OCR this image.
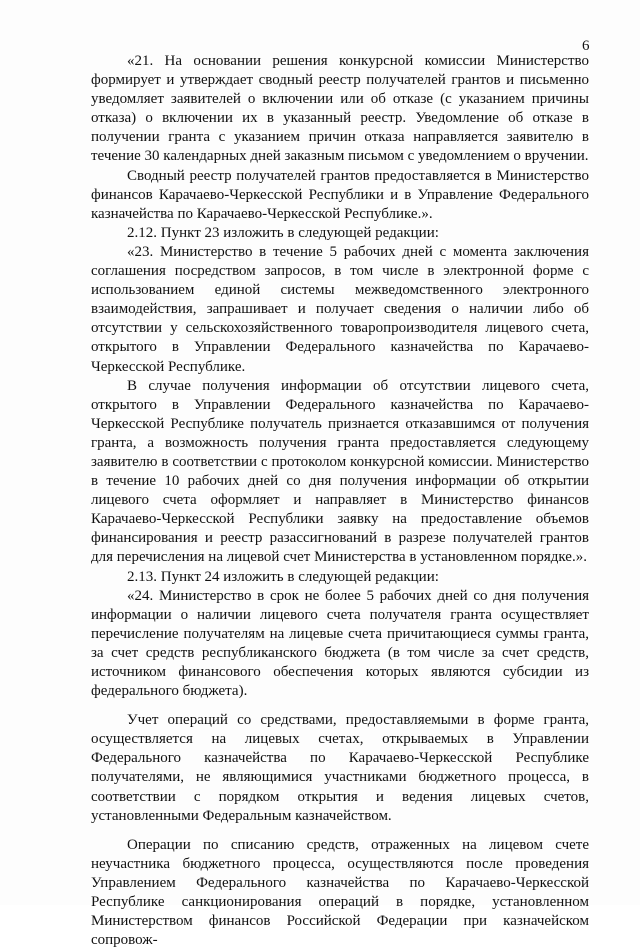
6

«21. На основании решения конкурсной комиссии Министерство формирует и утверждает сводный реестр получателей грантов и письменно уведомляет заявителей о включении или об отказе (с указанием причины отказа) о включении их в указанный реестр. Уведомление об отказе в получении гранта с указанием причин отказа направляется заявителю в течение 30 календарных дней заказным письмом с уведомлением о вручении.

Сводный реестр получателей грантов предоставляется в Министерство финансов Карачаево-Черкесской Республики и в Управление Федерального казначейства по Карачаево-Черкесской Республике.».

2.12. Пункт 23 изложить в следующей редакции:

«23. Министерство в течение 5 рабочих дней с момента заключения соглашения посредством запросов, в том числе в электронной форме с использованием единой системы межведомственного электронного взаимодействия, запрашивает и получает сведения о наличии либо об отсутствии у сельскохозяйственного товаропроизводителя лицевого счета, открытого в Управлении Федерального казначейства по Карачаево-Черкесской Республике.

В случае получения информации об отсутствии лицевого счета, открытого в Управлении Федерального казначейства по Карачаево-Черкесской Республике получатель признается отказавшимся от получения гранта, а возможность получения гранта предоставляется следующему заявителю в соответствии с протоколом конкурсной комиссии. Министерство в течение 10 рабочих дней со дня получения информации об открытии лицевого счета оформляет и направляет в Министерство финансов Карачаево-Черкесской Республики заявку на предоставление объемов финансирования и реестр разассигнований в разрезе получателей грантов для перечисления на лицевой счет Министерства в установленном порядке.».

2.13. Пункт 24 изложить в следующей редакции:

«24. Министерство в срок не более 5 рабочих дней со дня получения информации о наличии лицевого счета получателя гранта осуществляет перечисление получателям на лицевые счета причитающиеся суммы гранта, за счет средств республиканского бюджета (в том числе за счет средств, источником финансового обеспечения которых являются субсидии из федерального бюджета).

Учет операций со средствами, предоставляемыми в форме гранта, осуществляется на лицевых счетах, открываемых в Управлении Федерального казначейства по Карачаево-Черкесской Республике получателями, не являющимися участниками бюджетного процесса, в соответствии с порядком открытия и ведения лицевых счетов, установленными Федеральным казначейством.

Операции по списанию средств, отраженных на лицевом счете неучастника бюджетного процесса, осуществляются после проведения Управлением Федерального казначейства по Карачаево-Черкесской Республике санкционирования операций в порядке, установленном Министерством финансов Российской Федерации при казначейском сопровож-
